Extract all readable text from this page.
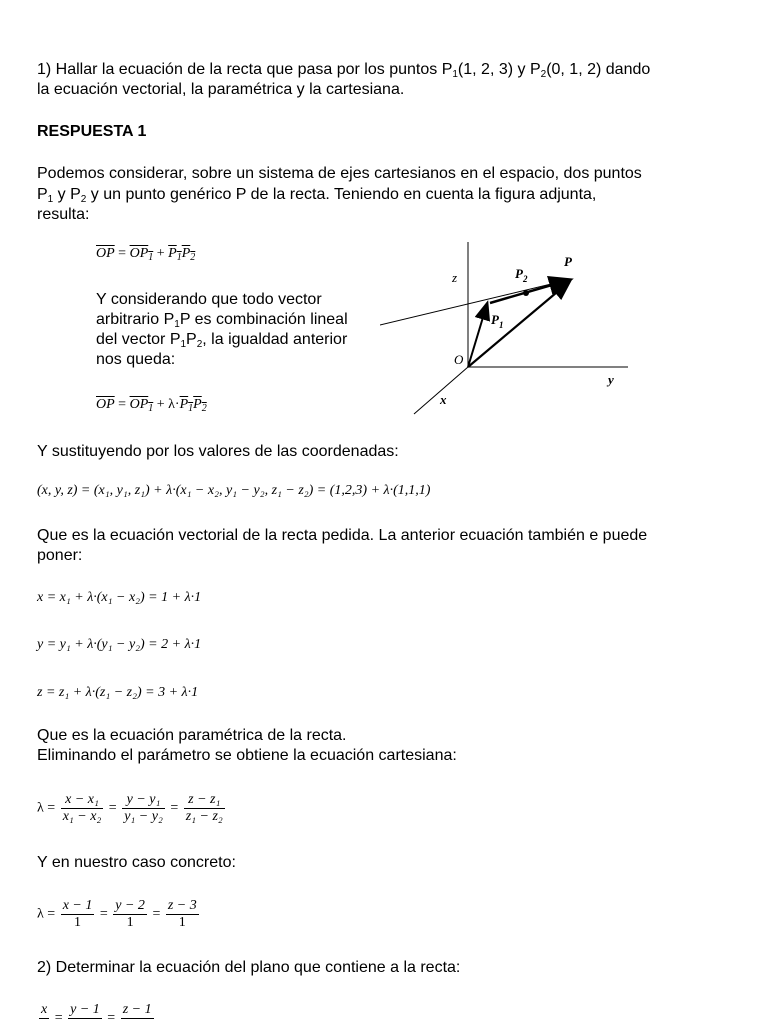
1) Hallar la ecuación de la recta que pasa por los puntos $P_1(1$, 2, 3) y $P_2(0$, 1, 2) dando

la ecuación vectorial, la paramétrica y la cartesiana.

RESPUESTA 1

Podemos considerar, sobre un sistema de ejes cartesianos en el espacio, dos puntos

$P_1$ y $P_2$ y un punto genérico P de la recta. Teniendo en cuenta la figura adjunta,

resulta:

$\overline{OP} = OP_1 + P_1P_2$

Y considerando que todo vector

arbitrario $P_1P$ es combinación lineal

del vector $P_1P_2$, la igualdad anterior

nos queda:

$\overline{OP} = OP_1 + \lambda\cdot P_1P_2$
z
O
y
x
P
$P_2$
$P_1$

Y sustituyendo por los valores de las coordenadas:

(x, y, z) = (x₁, y₁, z₁) + λ·(x₁ − x₂, y₁ − y₂, z₁ − z₂) = (1,2,3) + λ·(1,1,1)

Que es la ecuación vectorial de la recta pedida. La anterior ecuación también e puede

poner:

x = x₁ + λ·(x₁ − x₂) = 1 + λ·1
y = y₁ + λ·(y₁ − y₂) = 2 + λ·1
z = z₁ + λ·(z₁ − z₂) = 3 + λ·1

Que es la ecuación paramétrica de la recta.

Eliminando el parámetro se obtiene la ecuación cartesiana:

$\lambda = \frac{\text{x − x₁}}{\text{x₁ − x₂}} = \frac{\text{y − y₁}}{\text{y₁ − y₂}} = \frac{\text{z − z₁}}{\text{z₁ − z₂}}$

Y en nuestro caso concreto:

$\lambda = \frac{x - 1}{1} = \frac{y - 2}{1} = \frac{z - 3}{1}$

2) Determinar la ecuación del plano que contiene a la recta:

x
=
y − 1
=
z − 1
